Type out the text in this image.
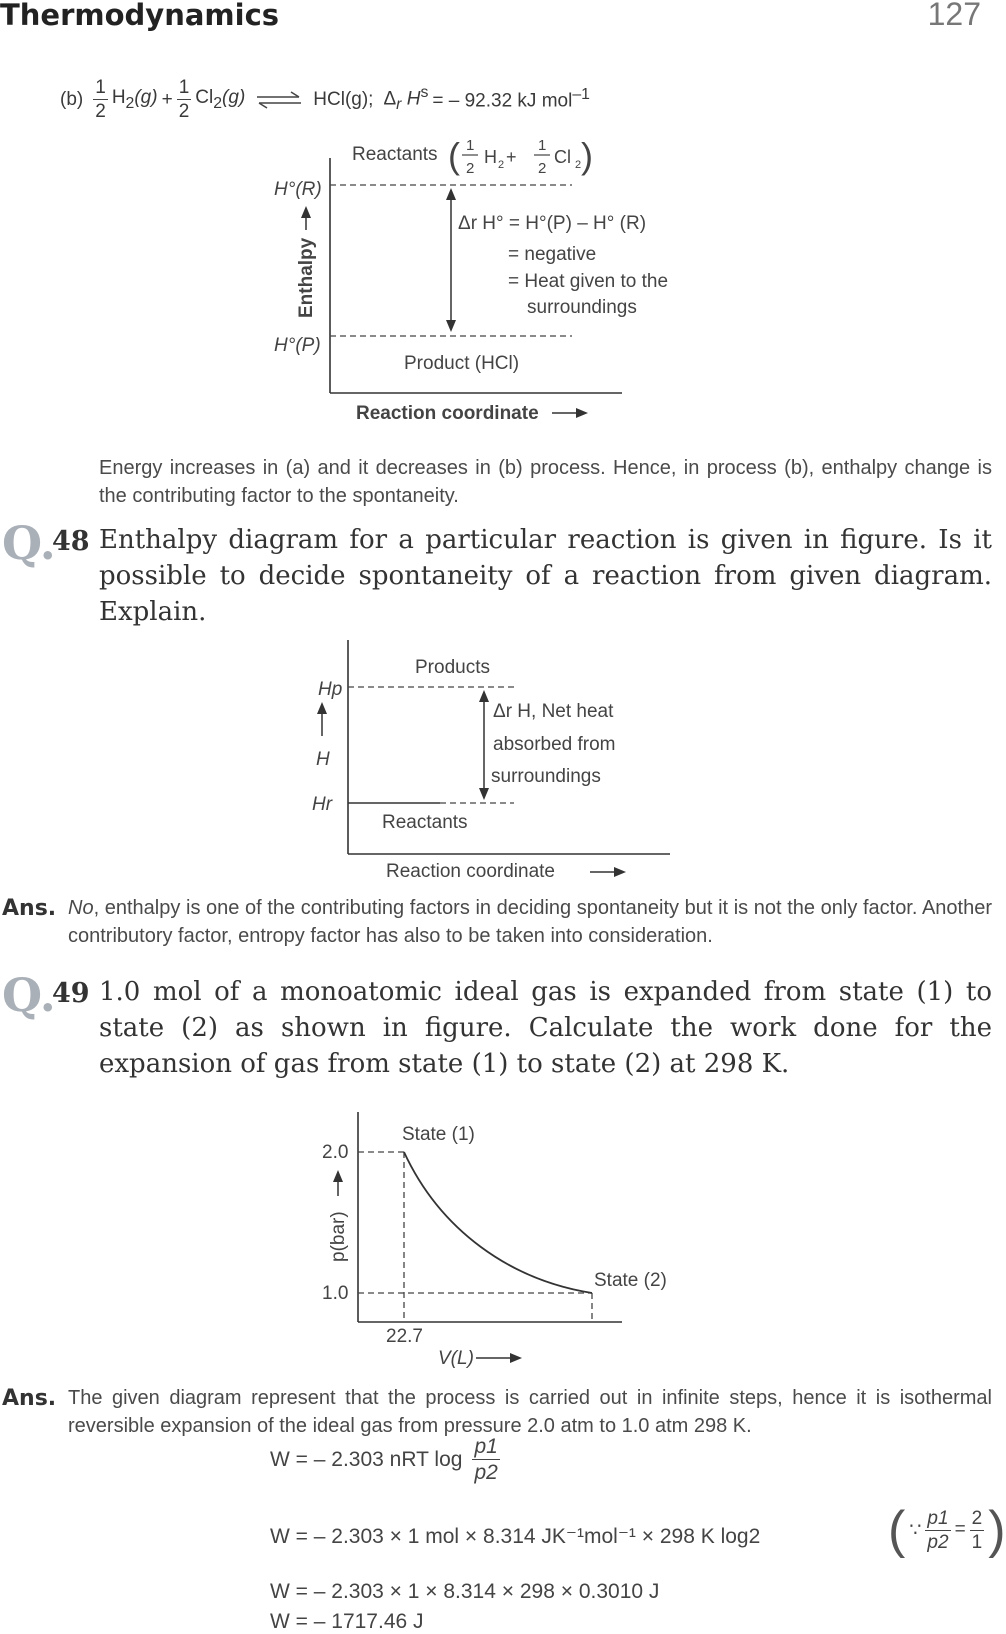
Thermodynamics	127
$(b) \frac{1}{2} H_2(g) + \frac{1}{2} Cl_2(g)$ ⇌ HCl(g); $\Delta_r$ $H^s$ = – 92.32 kJ mol$^{-1}$
Reactants ( 1
2
H 2 +
1
2
Cl 2 )
H°(R)
H°(P)
Enthalpy
Δr H° = H°(P) – H° (R)
= negative
= Heat given to the
surroundings
Product (HCl)
Reaction coordinate
Energy increases in (a) and it decreases in (b) process. Hence, in process (b), enthalpy change is the contributing factor to the spontaneity.
Q.
48 Enthalpy diagram for a particular reaction is given in figure. Is it possible to decide spontaneity of a reaction from given diagram. Explain.
Products
Hp
H
Hr
Δr H, Net heat
absorbed from
surroundings
Reactants
Reaction coordinate
Ans. No, enthalpy is one of the contributing factors in deciding spontaneity but it is not the only factor. Another contributory factor, entropy factor has also to be taken into consideration.
Q.
49 1.0 mol of a monoatomic ideal gas is expanded from state (1) to state (2) as shown in figure. Calculate the work done for the expansion of gas from state (1) to state (2) at 298 K.
State (1)
State (2)
2.0
1.0
22.7
p(bar)
V(L)
Ans. The given diagram represent that the process is carried out in infinite steps, hence it is isothermal reversible expansion of the ideal gas from pressure 2.0 atm to 1.0 atm 298 K.
W = – 2.303 nRT $\log \frac{p1}{p2}$
W = – 2.303 × 1 mol × 8.314 JK⁻¹mol⁻¹ × 298 K log2 ( ∵ $\frac{p1}{p2} = \frac{2}{1}$ )
W = – 2.303 × 1 × 8.314 × 298 × 0.3010 J
W = – 1717.46 J
